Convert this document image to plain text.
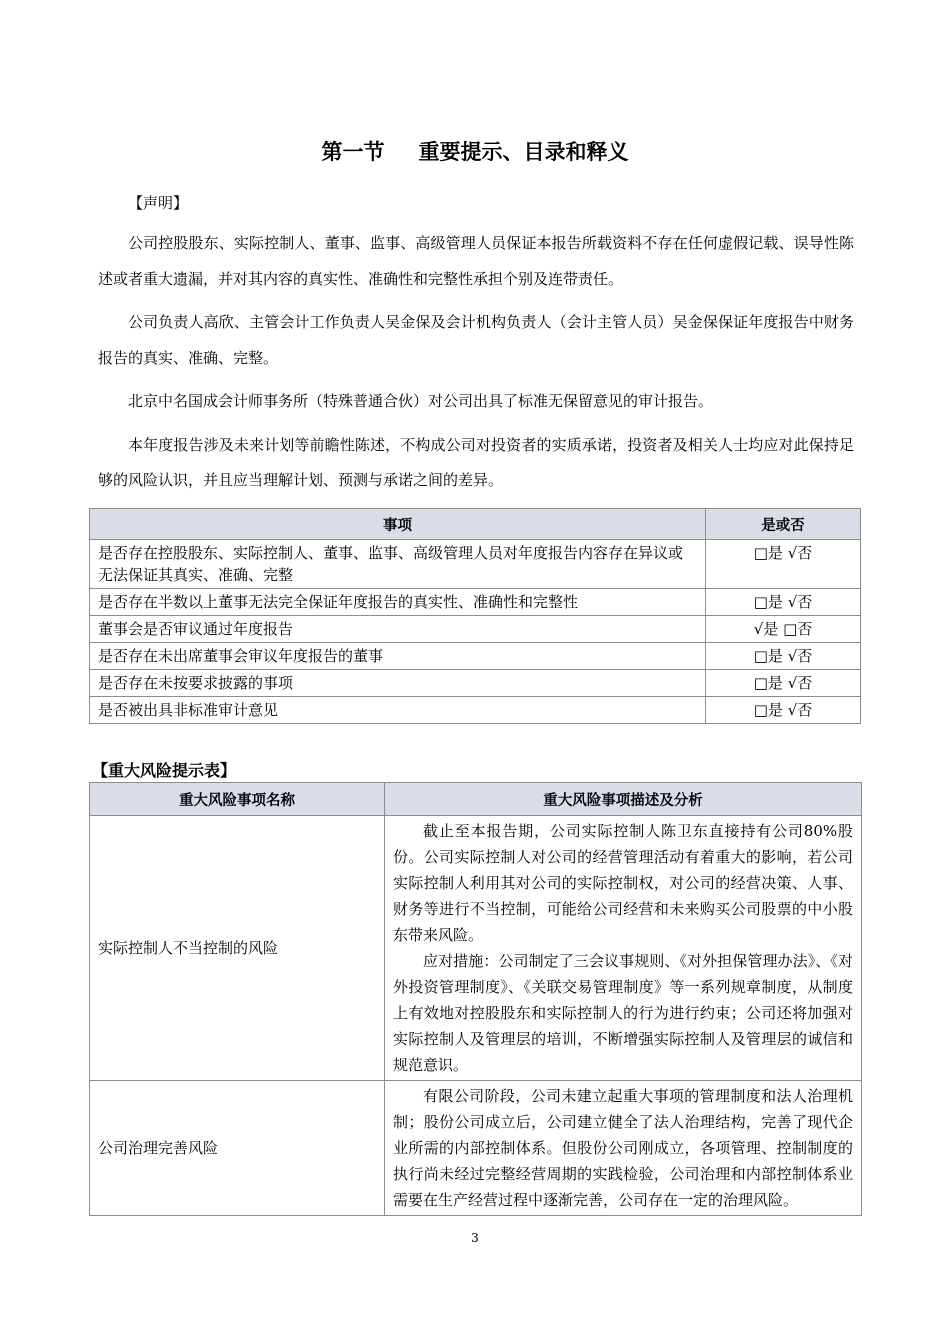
第一节 重要提示、目录和释义
【声明】

公司控股股东、实际控制人、董事、监事、高级管理人员保证本报告所载资料不存在任何虚假记载、误导性陈述或者重大遗漏，并对其内容的真实性、准确性和完整性承担个别及连带责任。

公司负责人高欣、主管会计工作负责人吴金保及会计机构负责人（会计主管人员）吴金保保证年度报告中财务报告的真实、准确、完整。

北京中名国成会计师事务所（特殊普通合伙）对公司出具了标准无保留意见的审计报告。

本年度报告涉及未来计划等前瞻性陈述，不构成公司对投资者的实质承诺，投资者及相关人士均应对此保持足够的风险认识，并且应当理解计划、预测与承诺之间的差异。

事项	是或否
是否存在控股股东、实际控制人、董事、监事、高级管理人员对年度报告内容存在异议或无法保证其真实、准确、完整	□是 √否
是否存在半数以上董事无法完全保证年度报告的真实性、准确性和完整性	□是 √否
董事会是否审议通过年度报告	√是 □否
是否存在未出席董事会审议年度报告的董事	□是 √否
是否存在未按要求披露的事项	□是 √否
是否被出具非标准审计意见	□是 √否
【重大风险提示表】
重大风险事项名称	重大风险事项描述及分析
实际控制人不当控制的风险	截止至本报告期，公司实际控制人陈卫东直接持有公司80%股份。公司实际控制人对公司的经营管理活动有着重大的影响，若公司实际控制人利用其对公司的实际控制权，对公司的经营决策、人事、财务等进行不当控制，可能给公司经营和未来购买公司股票的中小股东带来风险。

应对措施：公司制定了三会议事规则、《对外担保管理办法》、《对外投资管理制度》、《关联交易管理制度》等一系列规章制度，从制度上有效地对控股股东和实际控制人的行为进行约束；公司还将加强对实际控制人及管理层的培训，不断增强实际控制人及管理层的诚信和规范意识。

公司治理完善风险	有限公司阶段，公司未建立起重大事项的管理制度和法人治理机制；股份公司成立后，公司建立健全了法人治理结构，完善了现代企业所需的内部控制体系。但股份公司刚成立，各项管理、控制制度的执行尚未经过完整经营周期的实践检验，公司治理和内部控制体系业需要在生产经营过程中逐渐完善，公司存在一定的治理风险。

3
